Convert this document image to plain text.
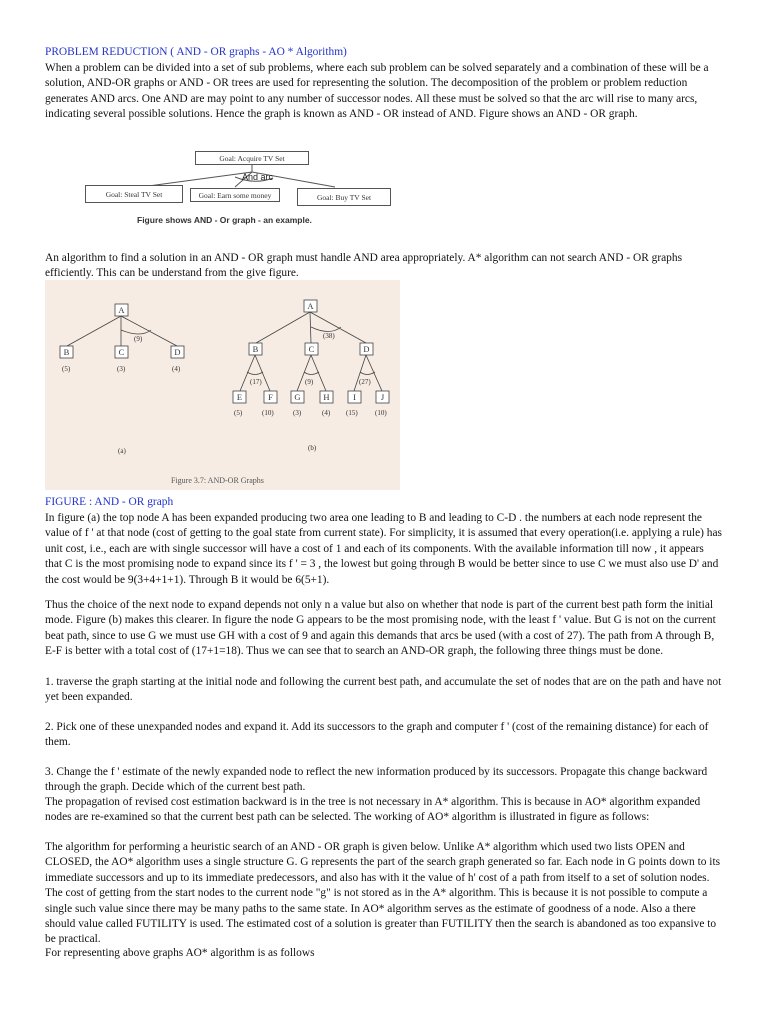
PROBLEM REDUCTION ( AND - OR graphs - AO * Algorithm)
When a problem can be divided into a set of sub problems, where each sub problem can be solved separately and a combination of these will be a solution, AND-OR graphs or AND - OR trees are used for representing the solution. The decomposition of the problem or problem reduction generates AND arcs. One AND are may point to any number of successor nodes. All these must be solved so that the arc will rise to many arcs, indicating several possible solutions. Hence the graph is known as AND - OR instead of AND. Figure shows an AND - OR graph.
Goal: Acquire TV Set
And arc
Goal: Steal TV Set	Goal: Earn some money	Goal: Buy TV Set
Figure shows AND - Or graph - an example.
An algorithm to find a solution in an AND - OR graph must handle AND area appropriately. A* algorithm can not search AND - OR graphs efficiently. This can be understand from the give figure.
A
(9)
B	C	D
(5)	(3)	(4)
(a)
A
(38)
B	C	D
(17)	(9)	(27)
E	F	G	H	I	J
(5)	(10)	(3)	(4) (15) (10)
(b)
Figure 3.7: AND-OR Graphs
FIGURE : AND - OR graph
In figure (a) the top node A has been expanded producing two area one leading to B and leading to C-D . the numbers at each node represent the value of f ' at that node (cost of getting to the goal state from current state). For simplicity, it is assumed that every operation(i.e. applying a rule) has unit cost, i.e., each are with single successor will have a cost of 1 and each of its components. With the available information till now , it appears that C is the most promising node to expand since its f ' = 3 , the lowest but going through B would be better since to use C we must also use D' and the cost would be 9(3+4+1+1). Through B it would be 6(5+1).
Thus the choice of the next node to expand depends not only n a value but also on whether that node is part of the current best path form the initial mode. Figure (b) makes this clearer. In figure the node G appears to be the most promising node, with the least f ' value. But G is not on the current beat path, since to use G we must use GH with a cost of 9 and again this demands that arcs be used (with a cost of 27). The path from A through B, E-F is better with a total cost of (17+1=18). Thus we can see that to search an AND-OR graph, the following three things must be done.
1. traverse the graph starting at the initial node and following the current best path, and accumulate the set of nodes that are on the path and have not yet been expanded.
2. Pick one of these unexpanded nodes and expand it. Add its successors to the graph and computer f ' (cost of the remaining distance) for each of them.
3. Change the f ' estimate of the newly expanded node to reflect the new information produced by its successors. Propagate this change backward through the graph. Decide which of the current best path.
The propagation of revised cost estimation backward is in the tree is not necessary in A* algorithm. This is because in AO* algorithm expanded nodes are re-examined so that the current best path can be selected. The working of AO* algorithm is illustrated in figure as follows:
The algorithm for performing a heuristic search of an AND - OR graph is given below. Unlike A* algorithm which used two lists OPEN and CLOSED, the AO* algorithm uses a single structure G. G represents the part of the search graph generated so far. Each node in G points down to its immediate successors and up to its immediate predecessors, and also has with it the value of h' cost of a path from itself to a set of solution nodes. The cost of getting from the start nodes to the current node "g" is not stored as in the A* algorithm. This is because it is not possible to compute a single such value since there may be many paths to the same state. In AO* algorithm serves as the estimate of goodness of a node. Also a there should value called FUTILITY is used. The estimated cost of a solution is greater than FUTILITY then the search is abandoned as too expansive to be practical.
For representing above graphs AO* algorithm is as follows
